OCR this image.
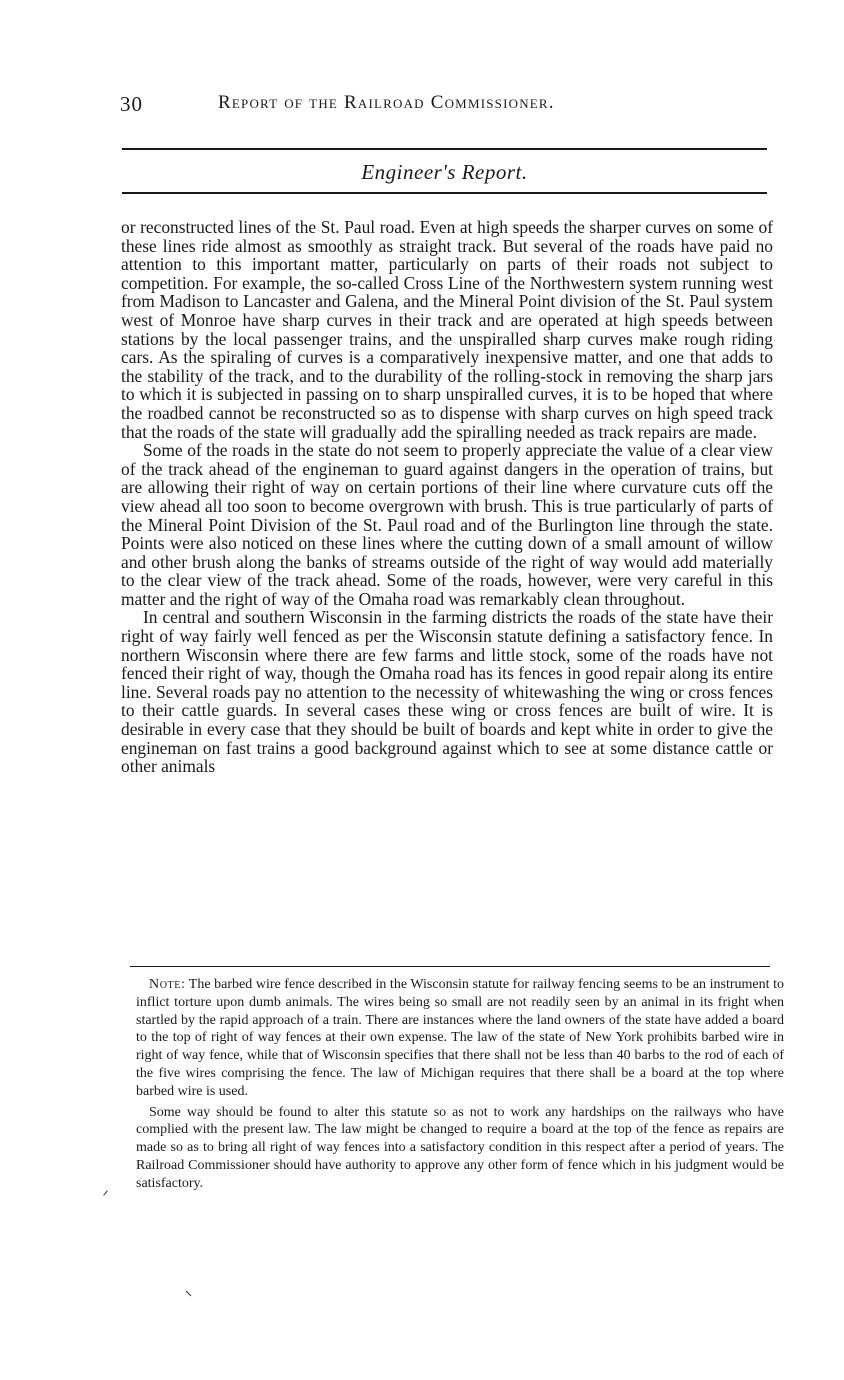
30	Report of the Railroad Commissioner.
Engineer's Report.

or reconstructed lines of the St. Paul road. Even at high speeds the sharper curves on some of these lines ride almost as smoothly as straight track. But several of the roads have paid no attention to this important matter, particularly on parts of their roads not subject to competition. For example, the so-called Cross Line of the Northwestern system running west from Madison to Lancaster and Galena, and the Mineral Point division of the St. Paul system west of Monroe have sharp curves in their track and are operated at high speeds between stations by the local passenger trains, and the unspiralled sharp curves make rough riding cars. As the spiraling of curves is a comparatively inexpensive matter, and one that adds to the stability of the track, and to the durability of the rolling-stock in removing the sharp jars to which it is subjected in passing on to sharp unspiralled curves, it is to be hoped that where the roadbed cannot be reconstructed so as to dispense with sharp curves on high speed track that the roads of the state will gradually add the spiralling needed as track repairs are made.

Some of the roads in the state do not seem to properly appreciate the value of a clear view of the track ahead of the engineman to guard against dangers in the operation of trains, but are allowing their right of way on certain portions of their line where curvature cuts off the view ahead all too soon to become overgrown with brush. This is true particularly of parts of the Mineral Point Division of the St. Paul road and of the Burlington line through the state. Points were also noticed on these lines where the cutting down of a small amount of willow and other brush along the banks of streams outside of the right of way would add materially to the clear view of the track ahead. Some of the roads, however, were very careful in this matter and the right of way of the Omaha road was remarkably clean throughout.

In central and southern Wisconsin in the farming districts the roads of the state have their right of way fairly well fenced as per the Wisconsin statute defining a satisfactory fence. In northern Wisconsin where there are few farms and little stock, some of the roads have not fenced their right of way, though the Omaha road has its fences in good repair along its entire line. Several roads pay no attention to the necessity of whitewashing the wing or cross fences to their cattle guards. In several cases these wing or cross fences are built of wire. It is desirable in every case that they should be built of boards and kept white in order to give the engineman on fast trains a good background against which to see at some distance cattle or other animals

Note: The barbed wire fence described in the Wisconsin statute for railway fencing seems to be an instrument to inflict torture upon dumb animals. The wires being so small are not readily seen by an animal in its fright when startled by the rapid approach of a train. There are instances where the land owners of the state have added a board to the top of right of way fences at their own expense. The law of the state of New York prohibits barbed wire in right of way fence, while that of Wisconsin specifies that there shall not be less than 40 barbs to the rod of each of the five wires comprising the fence. The law of Michigan requires that there shall be a board at the top where barbed wire is used.

Some way should be found to alter this statute so as not to work any hardships on the railways who have complied with the present law. The law might be changed to require a board at the top of the fence as repairs are made so as to bring all right of way fences into a satisfactory condition in this respect after a period of years. The Railroad Commissioner should have authority to approve any other form of fence which in his judgment would be satisfactory.
